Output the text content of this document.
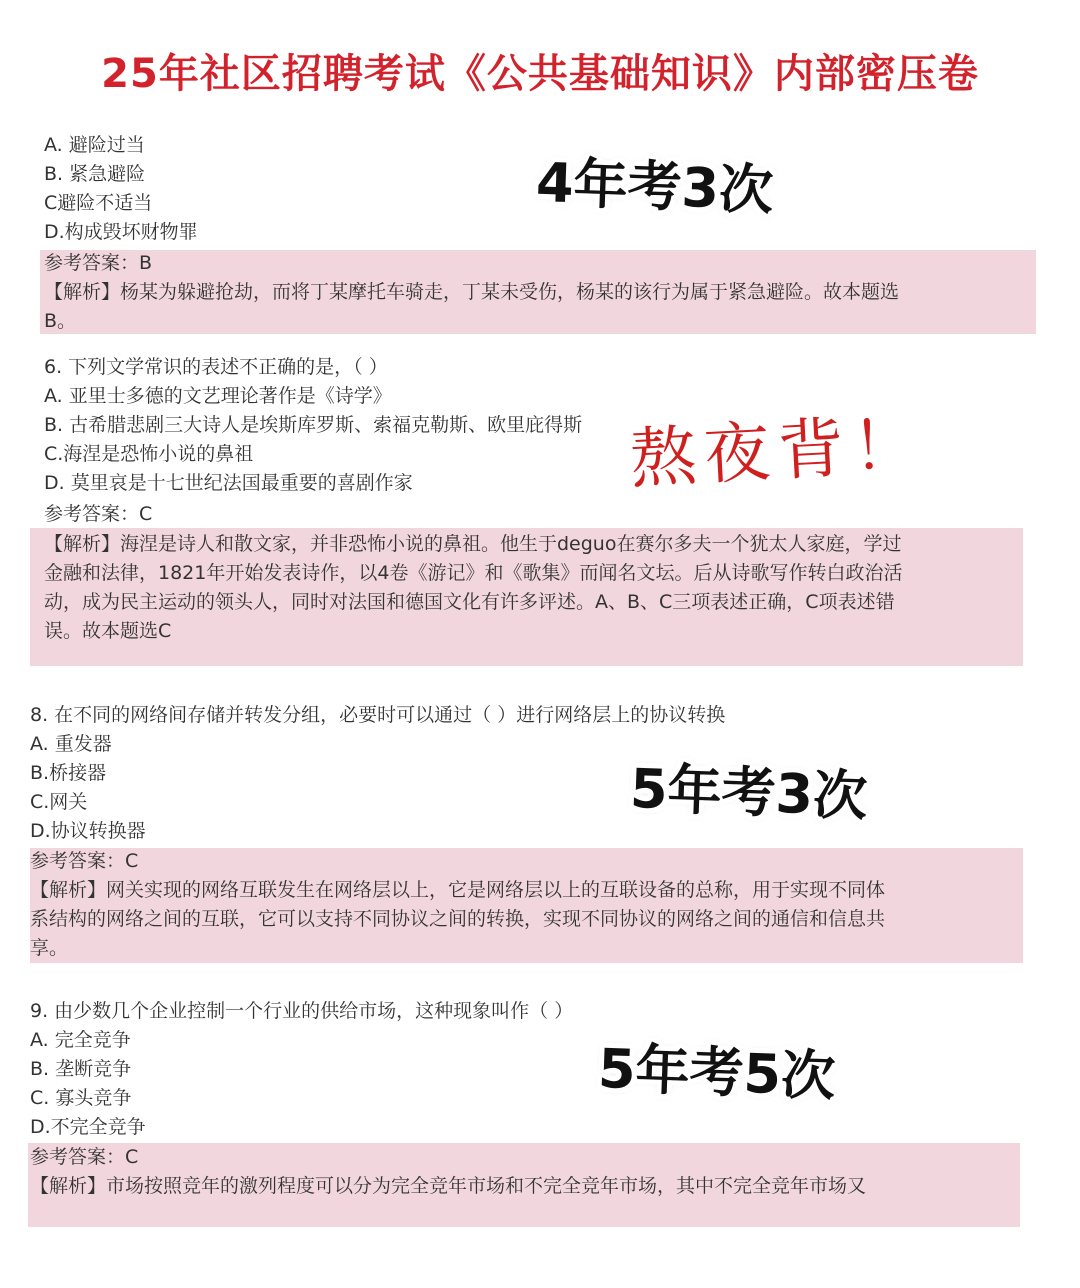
25年社区招聘考试《公共基础知识》内部密压卷
A. 避险过当
B. 紧急避险
C避险不适当
D.构成毁坏财物罪
参考答案：B
【解析】杨某为躲避抢劫，而将丁某摩托车骑走，丁某未受伤，杨某的该行为属于紧急避险。故本题选
B。
4年考3次
6. 下列文学常识的表述不正确的是，（ ）
A. 亚里士多德的文艺理论著作是《诗学》
B. 古希腊悲剧三大诗人是埃斯库罗斯、索福克勒斯、欧里庇得斯
C.海涅是恐怖小说的鼻祖
D. 莫里哀是十七世纪法国最重要的喜剧作家
参考答案：C
【解析】海涅是诗人和散文家，并非恐怖小说的鼻祖。他生于deguo在赛尔多夫一个犹太人家庭，学过
金融和法律，1821年开始发表诗作，以4卷《游记》和《歌集》而闻名文坛。后从诗歌写作转白政治活
动，成为民主运动的领头人，同时对法国和德国文化有许多评述。A、B、C三项表述正确，C项表述错
误。故本题选C
熬夜背！
8. 在不同的网络间存储并转发分组，必要时可以通过（ ）进行网络层上的协议转换
A. 重发器
B.桥接器
C.网关
D.协议转换器
参考答案：C
【解析】网关实现的网络互联发生在网络层以上，它是网络层以上的互联设备的总称，用于实现不同体
系结构的网络之间的互联，它可以支持不同协议之间的转换，实现不同协议的网络之间的通信和信息共
享。
5年考3次
9. 由少数几个企业控制一个行业的供给市场，这种现象叫作（ ）
A. 完全竞争
B. 垄断竞争
C. 寡头竞争
D.不完全竞争
参考答案：C
【解析】市场按照竞年的激列程度可以分为完全竞年市场和不完全竞年市场，其中不完全竞年市场又
5年考5次
